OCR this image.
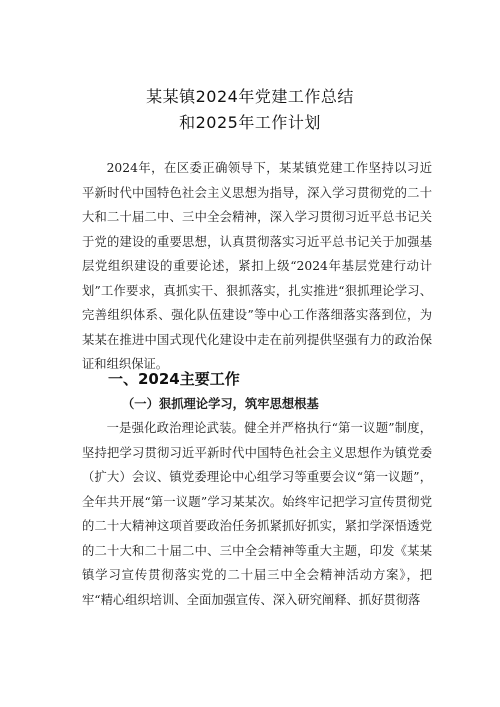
某某镇2024年党建工作总结
和2025年工作计划

2024年，在区委正确领导下，某某镇党建工作坚持以习近平新时代中国特色社会主义思想为指导，深入学习贯彻党的二十大和二十届二中、三中全会精神，深入学习贯彻习近平总书记关于党的建设的重要思想，认真贯彻落实习近平总书记关于加强基层党组织建设的重要论述，紧扣上级“2024年基层党建行动计划”工作要求，真抓实干、狠抓落实，扎实推进“狠抓理论学习、完善组织体系、强化队伍建设”等中心工作落细落实落到位，为某某在推进中国式现代化建设中走在前列提供坚强有力的政治保证和组织保证。

一、2024主要工作
（一）狠抓理论学习，筑牢思想根基

一是强化政治理论武装。健全并严格执行“第一议题”制度，坚持把学习贯彻习近平新时代中国特色社会主义思想作为镇党委（扩大）会议、镇党委理论中心组学习等重要会议“第一议题”，全年共开展“第一议题”学习某某次。始终牢记把学习宣传贯彻党的二十大精神这项首要政治任务抓紧抓好抓实，紧扣学深悟透党的二十大和二十届二中、三中全会精神等重大主题，印发《某某镇学习宣传贯彻落实党的二十届三中全会精神活动方案》，把牢“精心组织培训、全面加强宣传、深入研究阐释、抓好贯彻落
